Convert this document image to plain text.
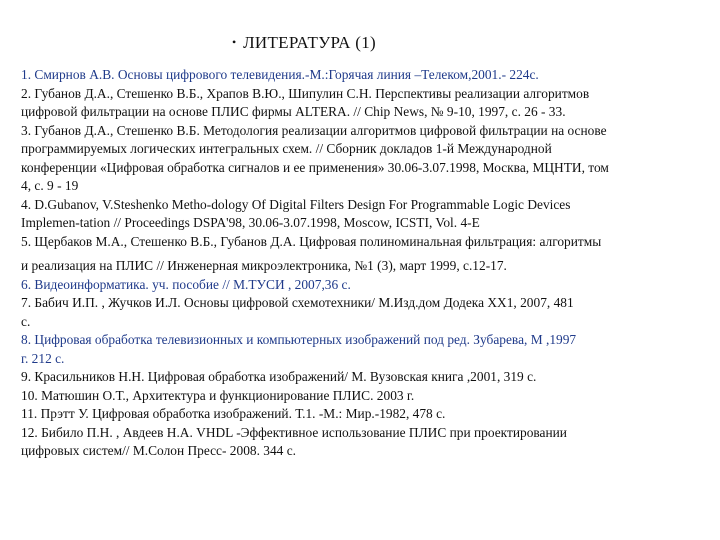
• ЛИТЕРАТУРА (1)
1. Смирнов А.В. Основы цифрового телевидения.-М.:Горячая линия –Телеком,2001.- 224с.
2. Губанов Д.А., Стешенко В.Б., Храпов В.Ю., Шипулин С.Н. Перспективы реализации алгоритмов
цифровой фильтрации на основе ПЛИС фирмы ALTERA. // Chip News, № 9-10, 1997, с. 26 - 33.
3. Губанов Д.А., Стешенко В.Б. Методология реализации алгоритмов цифровой фильтрации на основе
программируемых логических интегральных схем. // Сборник докладов 1-й Международной
конференции «Цифровая обработка сигналов и ее применения» 30.06-3.07.1998, Москва, МЦНТИ, том
4, с. 9 - 19
4. D.Gubanov, V.Steshenko Metho-dology Of Digital Filters Design For Programmable Logic Devices
Implemen-tation // Proceedings DSPA'98, 30.06-3.07.1998, Moscow, ICSTI, Vol. 4-E
5. Щербаков М.А., Стешенко В.Б., Губанов Д.А. Цифровая полиноминальная фильтрация: алгоритмы
и реализация на ПЛИС // Инженерная микроэлектроника, №1 (3), март 1999, с.12-17.
6. Видеоинформатика. уч. пособие // М.ТУСИ , 2007,36 с.
7. Бабич И.П. , Жучков И.Л. Основы цифровой схемотехники/ М.Изд.дом Додека ХХ1, 2007, 481
с.
8. Цифровая обработка телевизионных и компьютерных изображений под ред. Зубарева, М ,1997
г. 212 с.
9. Красильников Н.Н. Цифровая обработка изображений/ М. Вузовская книга ,2001, 319 с.
10. Матюшин О.Т., Архитектура и функционирование ПЛИС. 2003 г.
11. Прэтт У. Цифровая обработка изображений. Т.1. -М.: Мир.-1982, 478 с.
12. Бибило П.Н. , Авдеев Н.А. VHDL -Эффективное использование ПЛИС при проектировании
цифровых систем// М.Солон Пресс- 2008. 344 с.
